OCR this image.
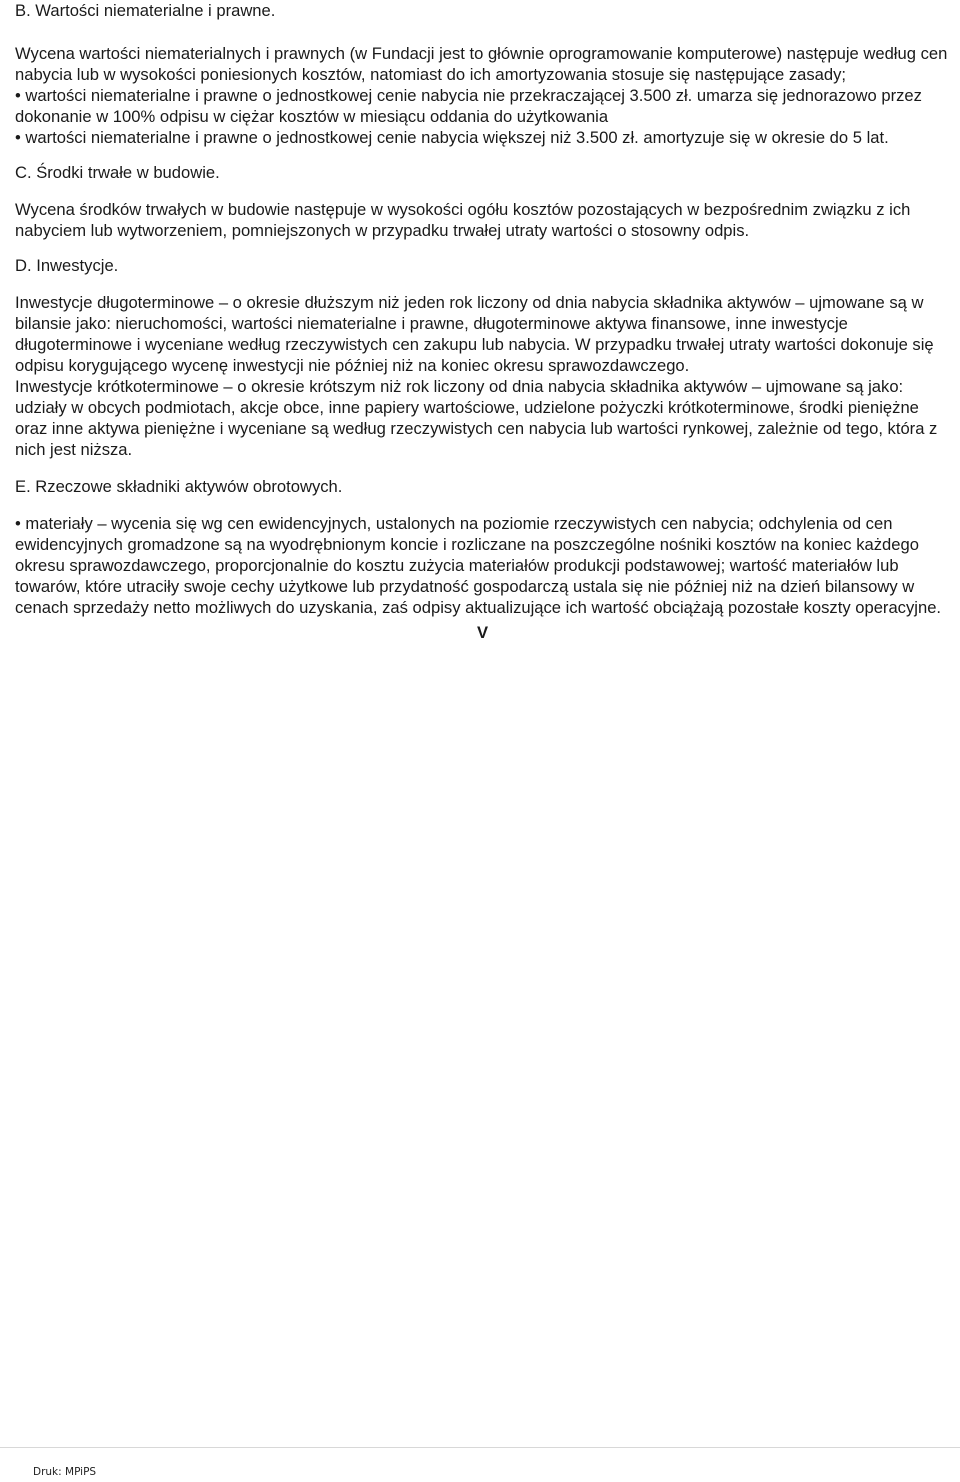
B. Wartości niematerialne i prawne.

Wycena wartości niematerialnych i prawnych (w Fundacji jest to głównie oprogramowanie komputerowe) następuje według cen nabycia lub w wysokości poniesionych kosztów, natomiast do ich amortyzowania stosuje się następujące zasady;

• wartości niematerialne i prawne o jednostkowej cenie nabycia nie przekraczającej 3.500 zł. umarza się jednorazowo przez dokonanie w 100% odpisu w ciężar kosztów w miesiącu oddania do użytkowania

• wartości niematerialne i prawne o jednostkowej cenie nabycia większej niż 3.500 zł. amortyzuje się w okresie do 5 lat.

C. Środki trwałe w budowie.

Wycena środków trwałych w budowie następuje w wysokości ogółu kosztów pozostających w bezpośrednim związku z ich nabyciem lub wytworzeniem, pomniejszonych w przypadku trwałej utraty wartości o stosowny odpis.

D. Inwestycje.

Inwestycje długoterminowe – o okresie dłuższym niż jeden rok liczony od dnia nabycia składnika aktywów – ujmowane są w bilansie jako: nieruchomości, wartości niematerialne i prawne, długoterminowe aktywa finansowe, inne inwestycje długoterminowe i wyceniane według rzeczywistych cen zakupu lub nabycia. W przypadku trwałej utraty wartości dokonuje się odpisu korygującego wycenę inwestycji nie później niż na koniec okresu sprawozdawczego.

Inwestycje krótkoterminowe – o okresie krótszym niż rok liczony od dnia nabycia składnika aktywów – ujmowane są jako: udziały w obcych podmiotach, akcje obce, inne papiery wartościowe, udzielone pożyczki krótkoterminowe, środki pieniężne oraz inne aktywa pieniężne i wyceniane są według rzeczywistych cen nabycia lub wartości rynkowej, zależnie od tego, która z nich jest niższa.

E. Rzeczowe składniki aktywów obrotowych.

• materiały – wycenia się wg cen ewidencyjnych, ustalonych na poziomie rzeczywistych cen nabycia; odchylenia od cen ewidencyjnych gromadzone są na wyodrębnionym koncie i rozliczane na poszczególne nośniki kosztów na koniec każdego okresu sprawozdawczego, proporcjonalnie do kosztu zużycia materiałów produkcji podstawowej; wartość materiałów lub towarów, które utraciły swoje cechy użytkowe lub przydatność gospodarczą ustala się nie później niż na dzień bilansowy w cenach sprzedaży netto możliwych do uzyskania, zaś odpisy aktualizujące ich wartość obciążają pozostałe koszty operacyjne.

V

Druk: MPiPS
